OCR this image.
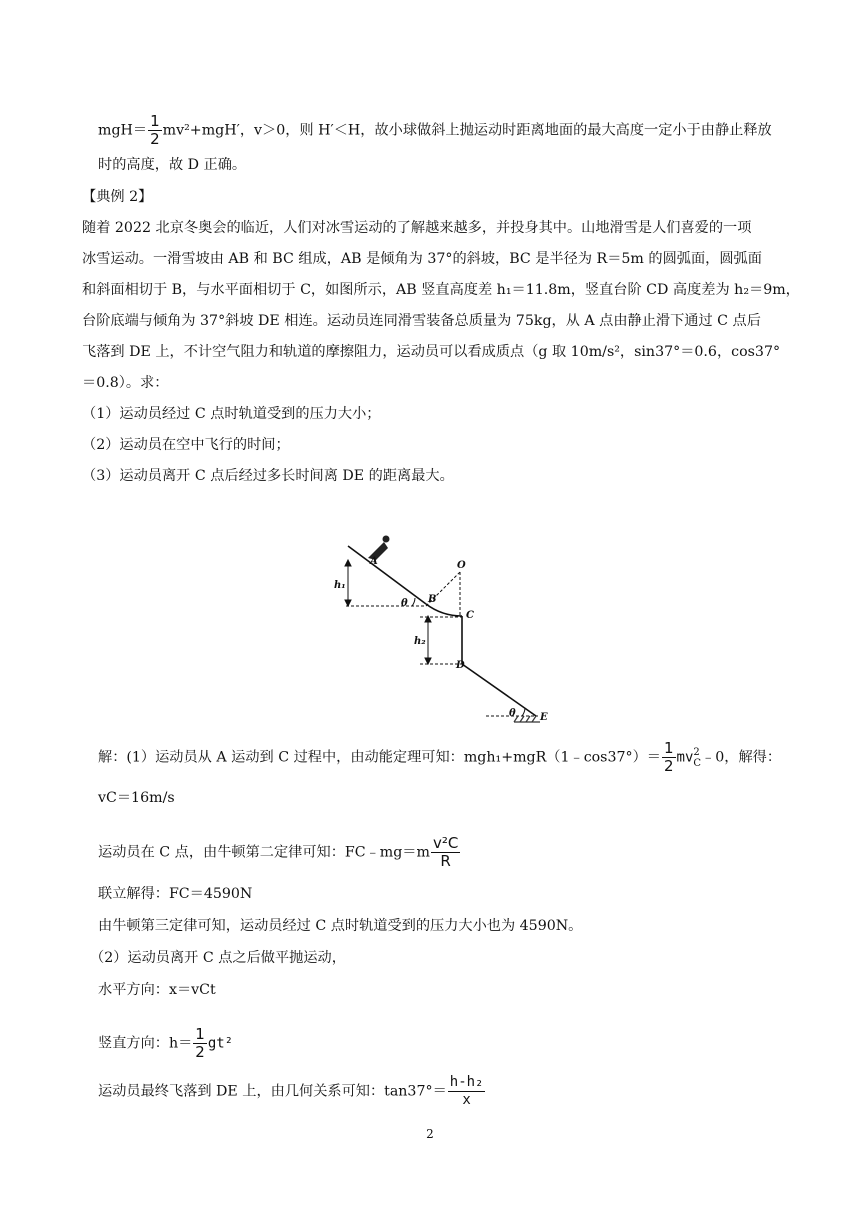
$mgH= \frac{1}{2} mv^2+mgH'$，v＞0，则 H′＜H，故小球做斜上抛运动时距离地面的最大高度一定小于由静止释放
时的高度，故 D 正确。
【典例 2】
随着 2022 北京冬奥会的临近，人们对冰雪运动的了解越来越多，并投身其中。山地滑雪是人们喜爱的一项
冰雪运动。一滑雪坡由 AB 和 BC 组成，AB 是倾角为 37°的斜坡，BC 是半径为 R＝5m 的圆弧面，圆弧面
和斜面相切于 B，与水平面相切于 C，如图所示，AB 竖直高度差 h₁＝11.8m，竖直台阶 CD 高度差为 h₂＝9m，
台阶底端与倾角为 37°斜坡 DE 相连。运动员连同滑雪装备总质量为 75kg，从 A 点由静止滑下通过 C 点后
飞落到 DE 上，不计空气阻力和轨道的摩擦阻力，运动员可以看成质点（g 取 10m/s²，sin37°＝0.6，cos37°
＝0.8）。求：
（1）运动员经过 C 点时轨道受到的压力大小；
（2）运动员在空中飞行的时间；
（3）运动员离开 C 点后经过多长时间离 DE 的距离最大。
A
B
C
D
E
O
h₁
h₂
θ
θ
解：(1）运动员从 A 运动到 C 过程中，由动能定理可知：mgh₁+mgR（1﹣cos37°）＝ $\frac{1}{2}$ mv 2
C ﹣0，解得：
vC＝16m/s
运动员在 C 点，由牛顿第二定律可知：FC﹣mg＝m $\frac{\text{v²C}}{R}$
联立解得：FC＝4590N
由牛顿第三定律可知，运动员经过 C 点时轨道受到的压力大小也为 4590N。
（2）运动员离开 C 点之后做平抛运动，
水平方向：x＝vCt
竖直方向：$h= \frac{1}{2} gt^2$
运动员最终飞落到 DE 上，由几何关系可知：$\tan 37^\circ= \frac{\text{h-h₂}}{x}$
2
